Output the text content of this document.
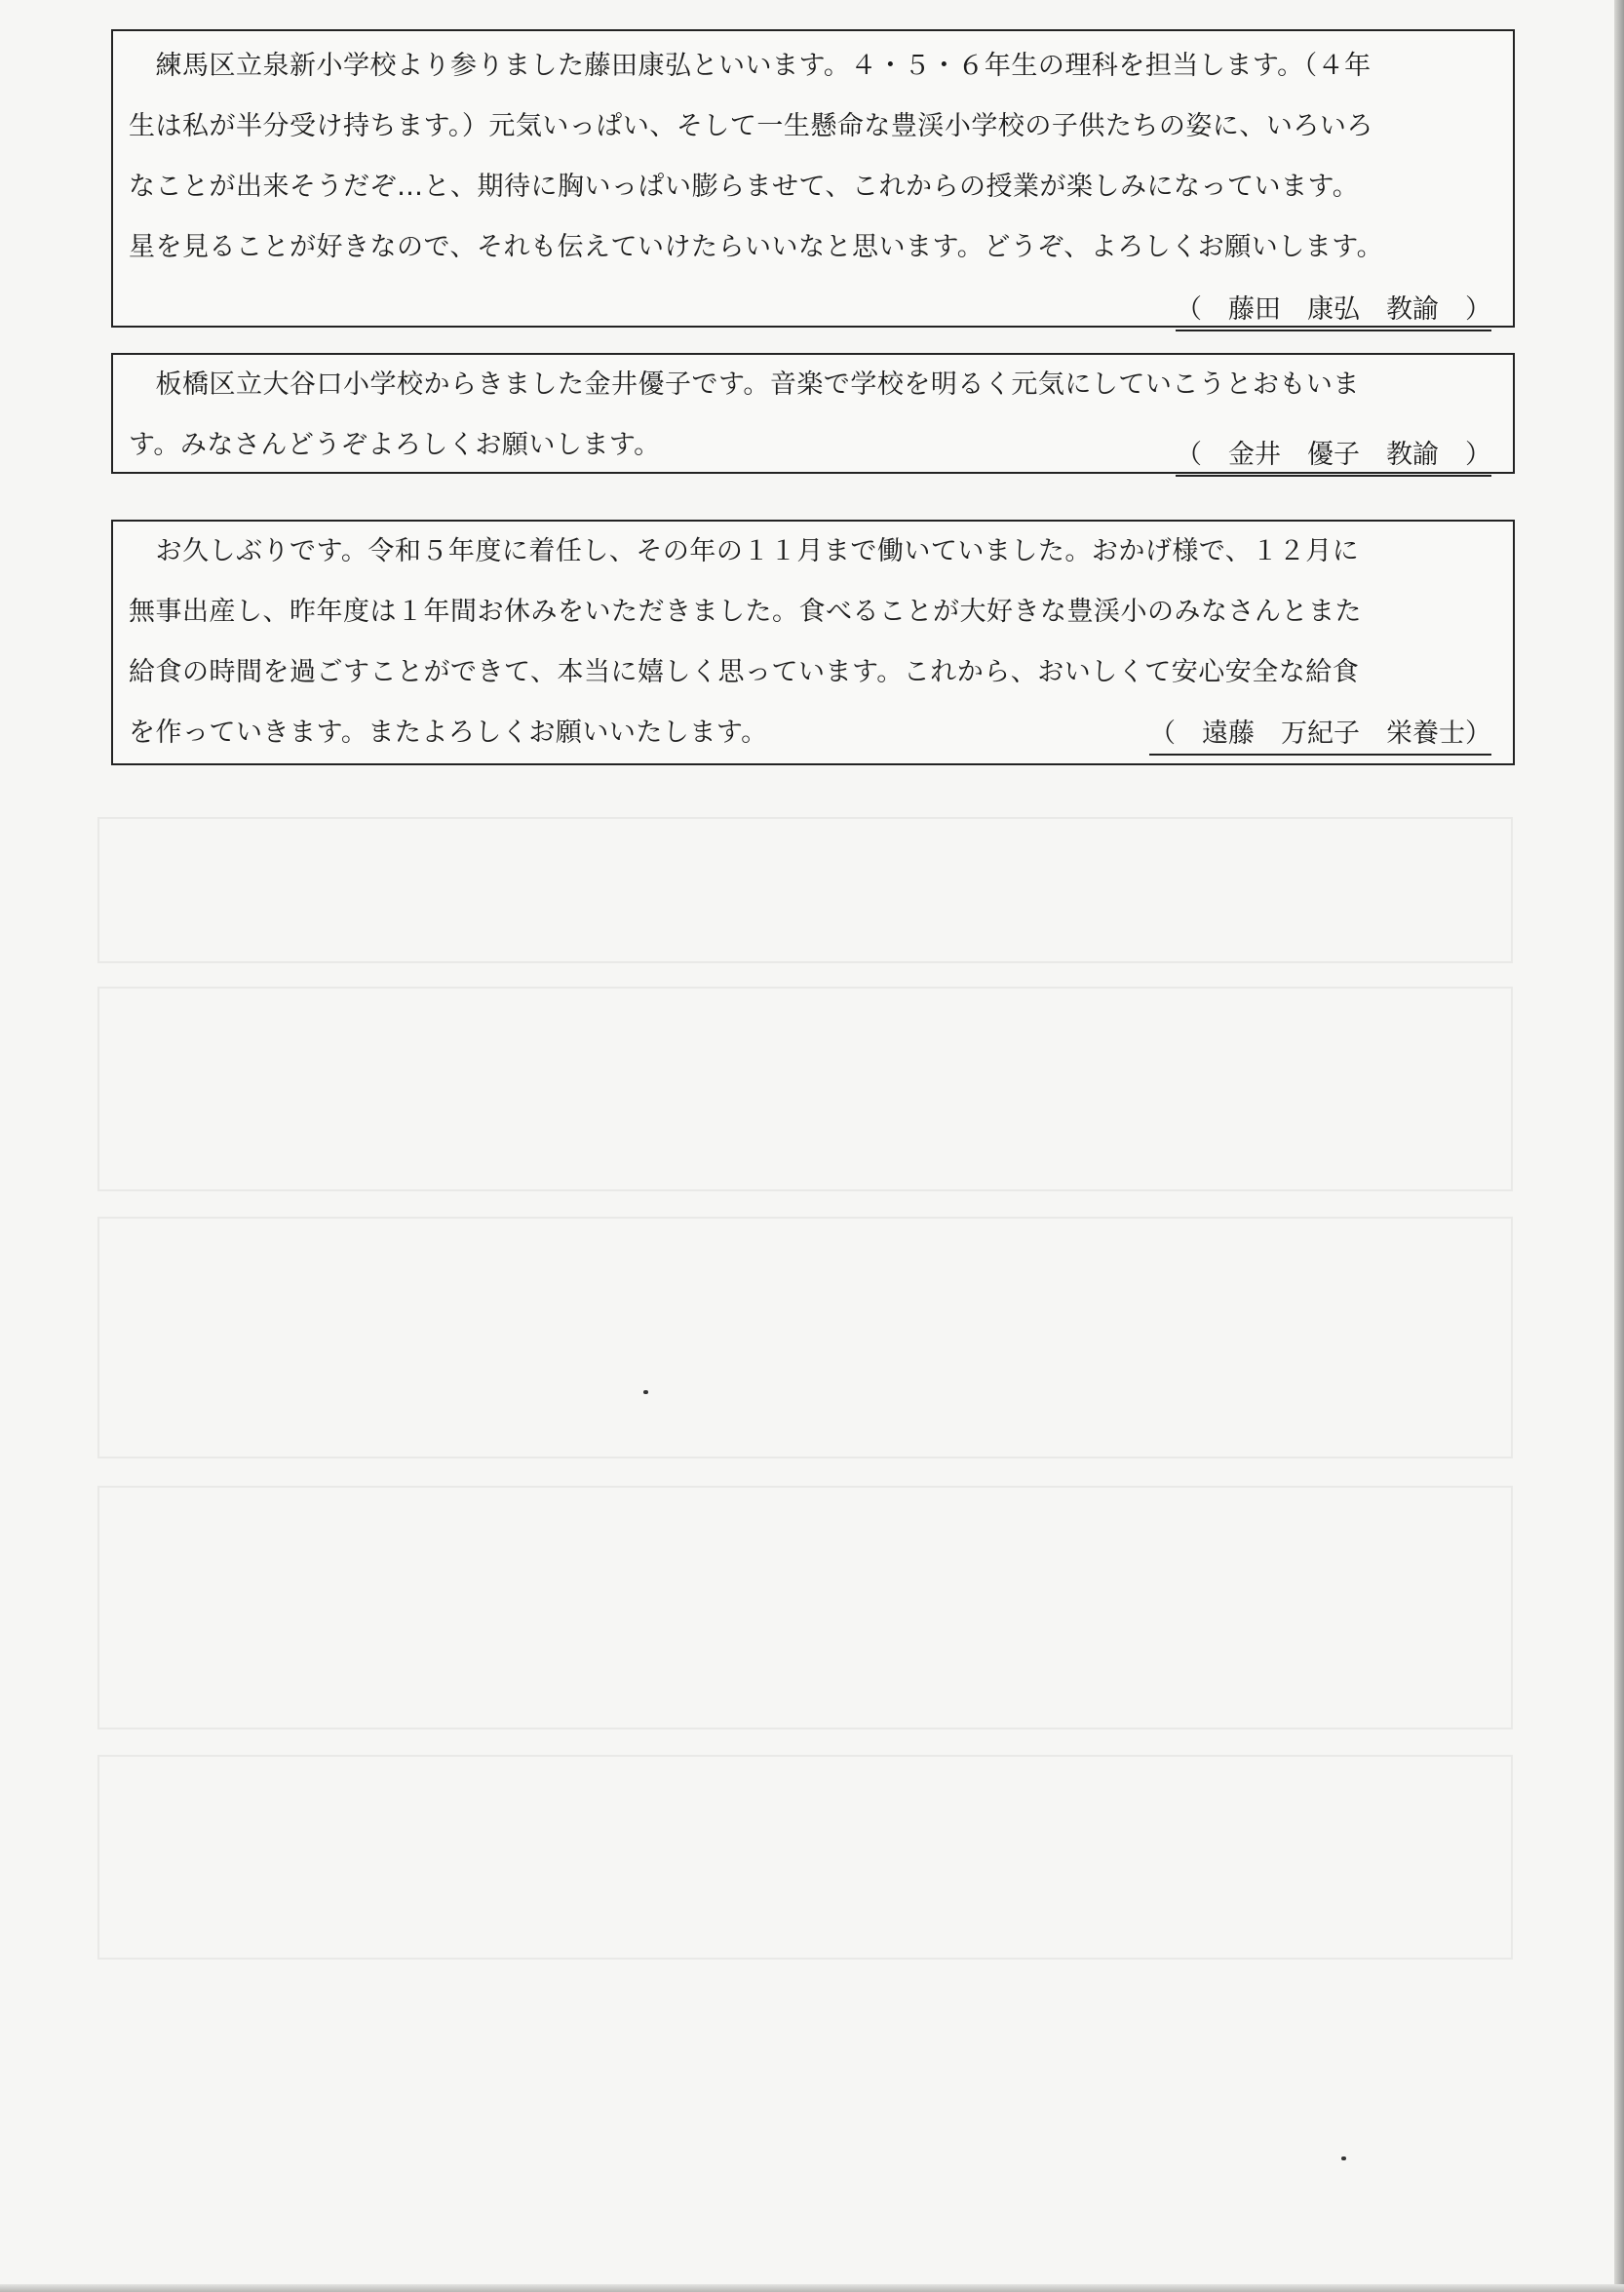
　練馬区立泉新小学校より参りました藤田康弘といいます。４・５・６年生の理科を担当します。（４年
生は私が半分受け持ちます。）元気いっぱい、そして一生懸命な豊渓小学校の子供たちの姿に、いろいろ
なことが出来そうだぞ…と、期待に胸いっぱい膨らませて、これからの授業が楽しみになっています。
星を見ることが好きなので、それも伝えていけたらいいなと思います。どうぞ、よろしくお願いします。
（　藤田　康弘　教諭　）
　板橋区立大谷口小学校からきました金井優子です。音楽で学校を明るく元気にしていこうとおもいま
す。みなさんどうぞよろしくお願いします。	（　金井　優子　教諭　）
　お久しぶりです。令和５年度に着任し、その年の１１月まで働いていました。おかげ様で、１２月に
無事出産し、昨年度は１年間お休みをいただきました。食べることが大好きな豊渓小のみなさんとまた
給食の時間を過ごすことができて、本当に嬉しく思っています。これから、おいしくて安心安全な給食
を作っていきます。またよろしくお願いいたします。	（　遠藤　万紀子　栄養士）
